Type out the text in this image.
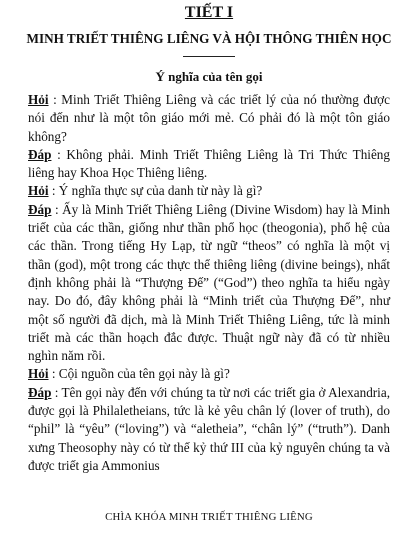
TIẾT I
MINH TRIẾT THIÊNG LIÊNG VÀ HỘI THÔNG THIÊN HỌC
Ý nghĩa của tên gọi

Hỏi : Minh Triết Thiêng Liêng và các triết lý của nó thường được nói đến như là một tôn giáo mới mẻ. Có phải đó là một tôn giáo không?

Đáp : Không phải. Minh Triết Thiêng Liêng là Tri Thức Thiêng liêng hay Khoa Học Thiêng liêng.

Hỏi : Ý nghĩa thực sự của danh từ này là gì?

Đáp : Ấy là Minh Triết Thiêng Liêng (Divine Wisdom) hay là Minh triết của các thần, giống như thần phổ học (theogonia), phổ hệ của các thần. Trong tiếng Hy Lạp, từ ngữ “theos” có nghĩa là một vị thần (god), một trong các thực thể thiêng liêng (divine beings), nhất định không phải là “Thượng Đế” (“God”) theo nghĩa ta hiểu ngày nay. Do đó, đây không phải là “Minh triết của Thượng Đế”, như một số người đã dịch, mà là Minh Triết Thiêng Liêng, tức là minh triết mà các thần hoạch đắc được. Thuật ngữ này đã có từ nhiều nghìn năm rồi.

Hỏi : Cội nguồn của tên gọi này là gì?

Đáp : Tên gọi này đến với chúng ta từ nơi các triết gia ở Alexandria, được gọi là Philaletheians, tức là kẻ yêu chân lý (lover of truth), do “phil” là “yêu” (“loving”) và “aletheia”, “chân lý” (“truth”). Danh xưng Theosophy này có từ thế kỷ thứ III của kỷ nguyên chúng ta và được triết gia Ammonius

CHÌA KHÓA MINH TRIẾT THIÊNG LIÊNG
